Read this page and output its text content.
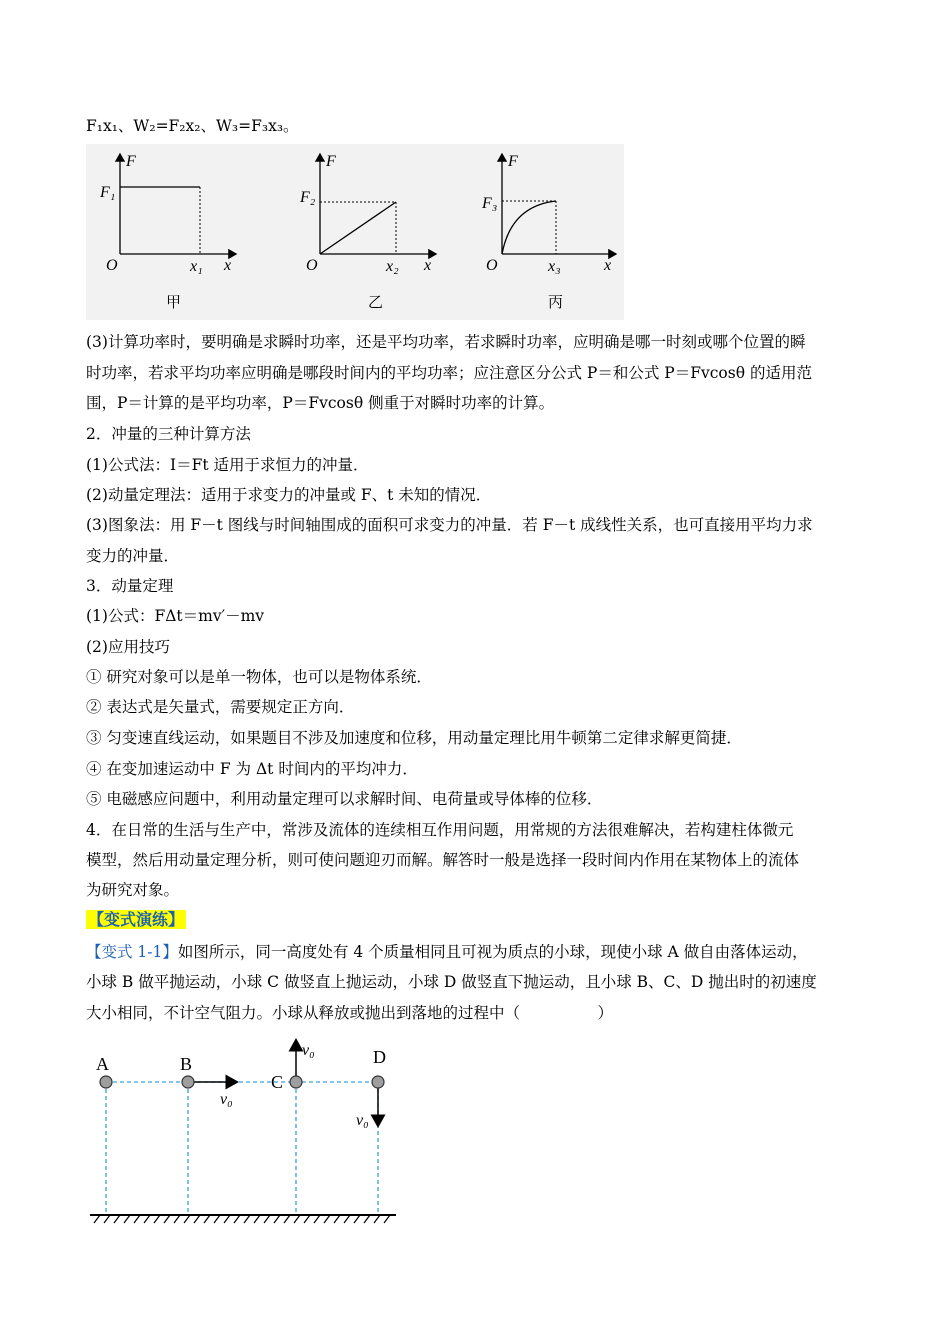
F₁x₁、W₂=F₂x₂、W₃=F₃x₃。
F
x
O
F₁
x₁
甲
F
x
O
F₂
x₂
乙
F
x
O
F₃
x₃
丙
(3)计算功率时，要明确是求瞬时功率，还是平均功率，若求瞬时功率，应明确是哪一时刻或哪个位置的瞬
时功率，若求平均功率应明确是哪段时间内的平均功率；应注意区分公式 P＝和公式 P＝Fvcosθ 的适用范
围，P＝计算的是平均功率，P＝Fvcosθ 侧重于对瞬时功率的计算。
2．冲量的三种计算方法
(1)公式法：I＝Ft 适用于求恒力的冲量．
(2)动量定理法：适用于求变力的冲量或 F、t 未知的情况．
(3)图象法：用 F－t 图线与时间轴围成的面积可求变力的冲量．若 F－t 成线性关系，也可直接用平均力求
变力的冲量．
3．动量定理
(1)公式：FΔt＝mv′－mv
(2)应用技巧
① 研究对象可以是单一物体，也可以是物体系统．
② 表达式是矢量式，需要规定正方向．
③ 匀变速直线运动，如果题目不涉及加速度和位移，用动量定理比用牛顿第二定律求解更简捷．
④ 在变加速运动中 F 为 Δt 时间内的平均冲力．
⑤ 电磁感应问题中，利用动量定理可以求解时间、电荷量或导体棒的位移．
4．在日常的生活与生产中，常涉及流体的连续相互作用问题，用常规的方法很难解决，若构建柱体微元
模型，然后用动量定理分析，则可使问题迎刃而解。解答时一般是选择一段时间内作用在某物体上的流体
为研究对象。
【变式演练】
【变式 1-1】如图所示，同一高度处有 4 个质量相同且可视为质点的小球，现使小球 A 做自由落体运动，
小球 B 做平抛运动，小球 C 做竖直上抛运动，小球 D 做竖直下抛运动，且小球 B、C、D 抛出时的初速度
大小相同，不计空气阻力。小球从释放或抛出到落地的过程中（　　　　　）
A	B
C
D
v₀
v₀
v₀
